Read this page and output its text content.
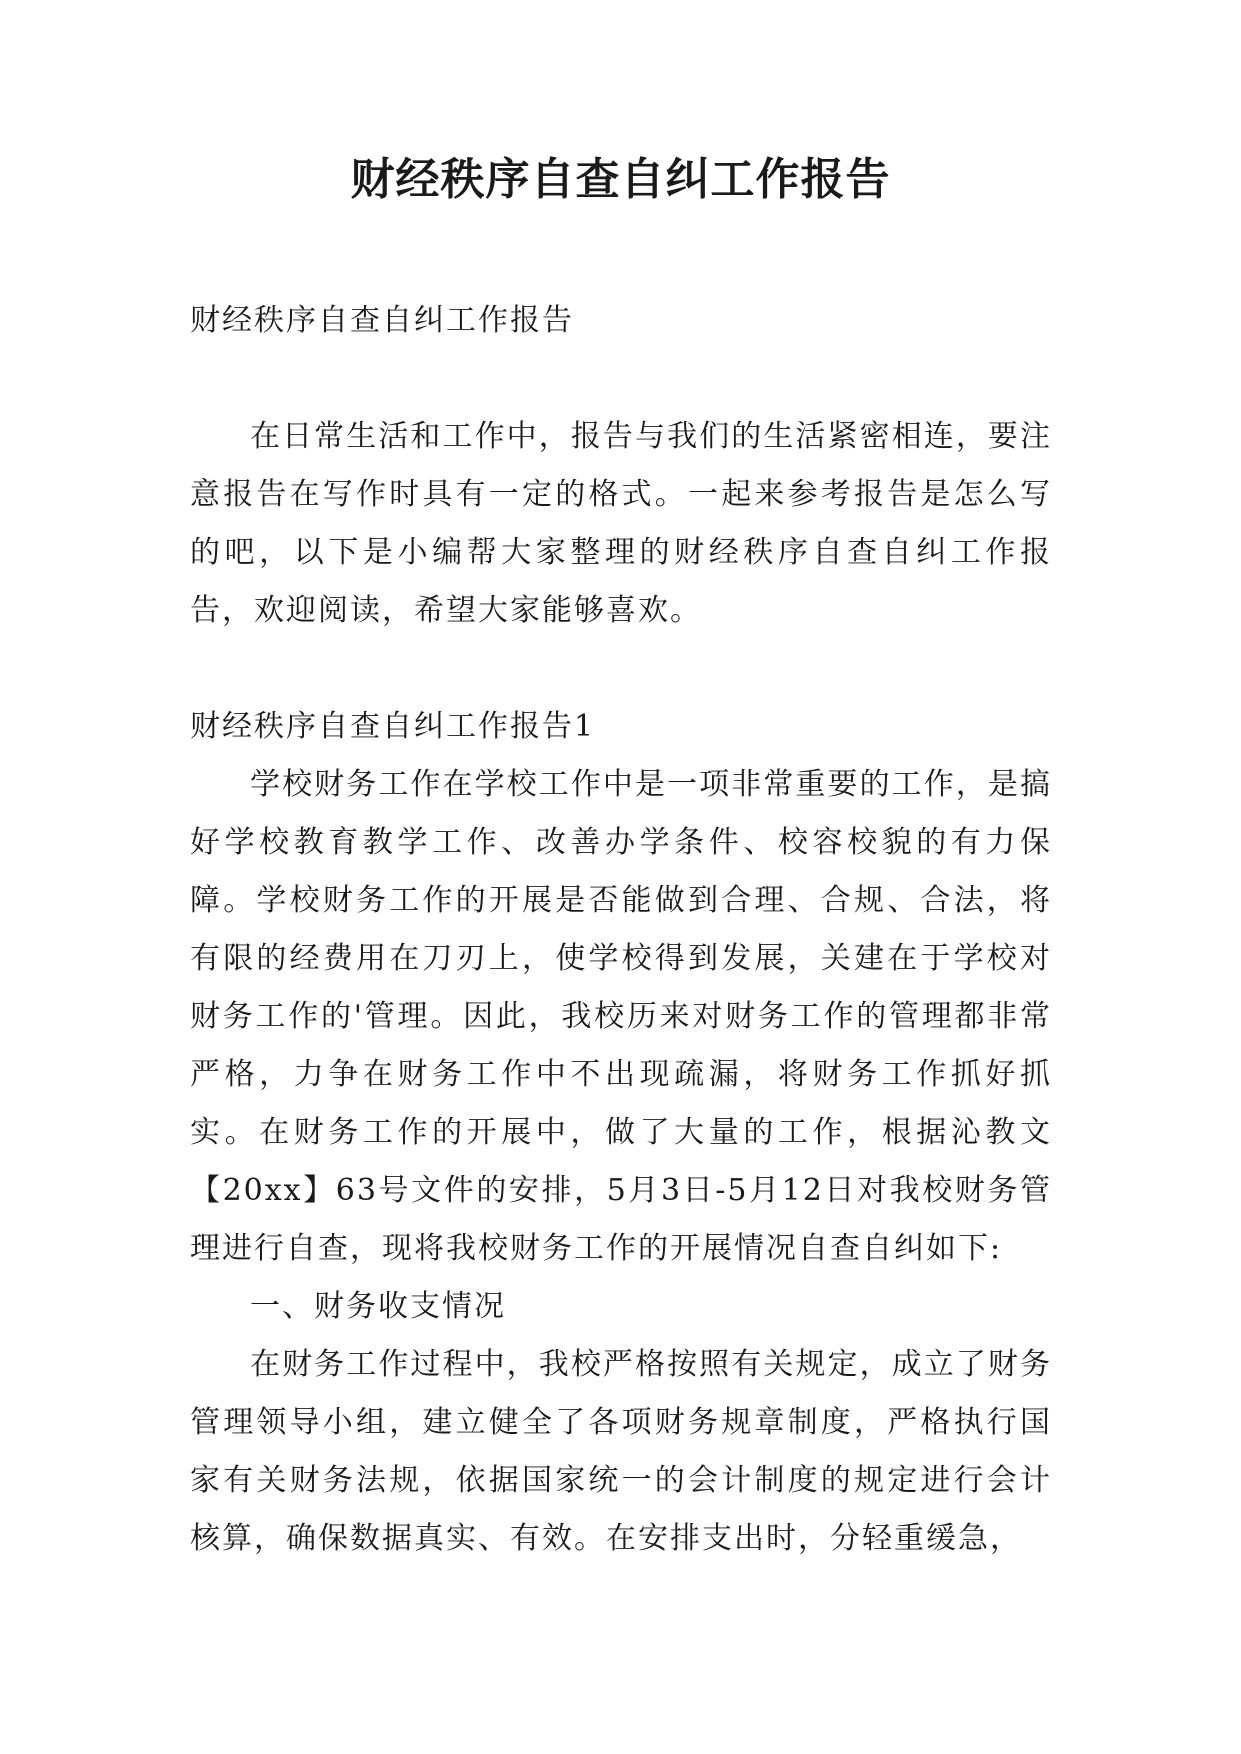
财经秩序自查自纠工作报告

财经秩序自查自纠工作报告

在日常生活和工作中，报告与我们的生活紧密相连，要注意报告在写作时具有一定的格式。一起来参考报告是怎么写的吧，以下是小编帮大家整理的财经秩序自查自纠工作报告，欢迎阅读，希望大家能够喜欢。

财经秩序自查自纠工作报告1

学校财务工作在学校工作中是一项非常重要的工作，是搞好学校教育教学工作、改善办学条件、校容校貌的有力保障。学校财务工作的开展是否能做到合理、合规、合法，将有限的经费用在刀刃上，使学校得到发展，关建在于学校对财务工作的'管理。因此，我校历来对财务工作的管理都非常严格，力争在财务工作中不出现疏漏，将财务工作抓好抓实。在财务工作的开展中，做了大量的工作，根据沁教文【20xx】63号文件的安排，5月3日-5月12日对我校财务管理进行自查，现将我校财务工作的开展情况自查自纠如下:

一、财务收支情况

在财务工作过程中，我校严格按照有关规定，成立了财务管理领导小组，建立健全了各项财务规章制度，严格执行国家有关财务法规，依据国家统一的会计制度的规定进行会计核算，确保数据真实、有效。在安排支出时，分轻重缓急，
